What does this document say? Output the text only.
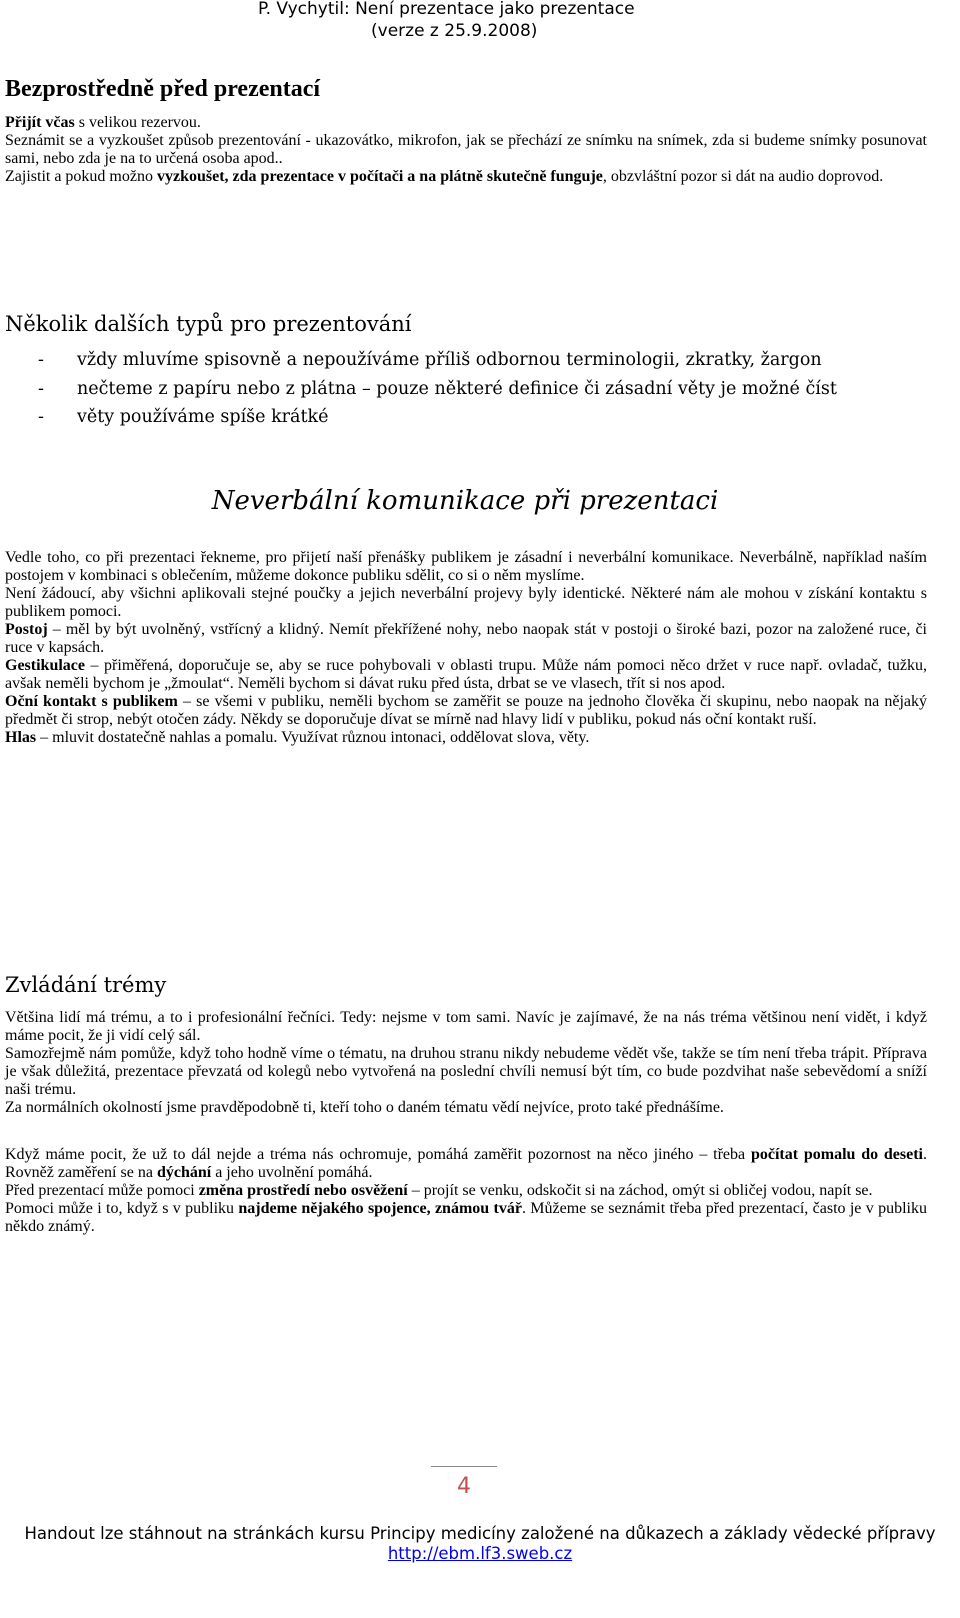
P. Vychytil: Není prezentace jako prezentace
(verze z 25.9.2008)
Bezprostředně před prezentací

Přijít včas s velikou rezervou.

Seznámit se a vyzkoušet způsob prezentování - ukazovátko, mikrofon, jak se přechází ze snímku na snímek, zda si budeme snímky posunovat sami, nebo zda je na to určená osoba apod..

Zajistit a pokud možno vyzkoušet, zda prezentace v počítači a na plátně skutečně funguje, obzvláštní pozor si dát na audio doprovod.

Několik dalších typů pro prezentování
- vždy mluvíme spisovně a nepoužíváme příliš odbornou terminologii, zkratky, žargon
- nečteme z papíru nebo z plátna – pouze některé definice či zásadní věty je možné číst
- věty používáme spíše krátké
Neverbální komunikace při prezentaci

Vedle toho, co při prezentaci řekneme, pro přijetí naší přenášky publikem je zásadní i neverbální komunikace. Neverbálně, například naším postojem v kombinaci s oblečením, můžeme dokonce publiku sdělit, co si o něm myslíme.

Není žádoucí, aby všichni aplikovali stejné poučky a jejich neverbální projevy byly identické. Některé nám ale mohou v získání kontaktu s publikem pomoci.

Postoj – měl by být uvolněný, vstřícný a klidný. Nemít překřížené nohy, nebo naopak stát v postoji o široké bazi, pozor na založené ruce, či ruce v kapsách.

Gestikulace – přiměřená, doporučuje se, aby se ruce pohybovali v oblasti trupu. Může nám pomoci něco držet v ruce např. ovladač, tužku, avšak neměli bychom je „žmoulat“. Neměli bychom si dávat ruku před ústa, drbat se ve vlasech, třít si nos apod.

Oční kontakt s publikem – se všemi v publiku, neměli bychom se zaměřit se pouze na jednoho člověka či skupinu, nebo naopak na nějaký předmět či strop, nebýt otočen zády. Někdy se doporučuje dívat se mírně nad hlavy lidí v publiku, pokud nás oční kontakt ruší.

Hlas – mluvit dostatečně nahlas a pomalu. Využívat různou intonaci, oddělovat slova, věty.

Zvládání trémy

Většina lidí má trému, a to i profesionální řečníci. Tedy: nejsme v tom sami. Navíc je zajímavé, že na nás tréma většinou není vidět, i když máme pocit, že ji vidí celý sál.

Samozřejmě nám pomůže, když toho hodně víme o tématu, na druhou stranu nikdy nebudeme vědět vše, takže se tím není třeba trápit. Příprava je však důležitá, prezentace převzatá od kolegů nebo vytvořená na poslední chvíli nemusí být tím, co bude pozdvihat naše sebevědomí a sníží naši trému.

Za normálních okolností jsme pravděpodobně ti, kteří toho o daném tématu vědí nejvíce, proto také přednášíme.

Když máme pocit, že už to dál nejde a tréma nás ochromuje, pomáhá zaměřit pozornost na něco jiného – třeba počítat pomalu do deseti. Rovněž zaměření se na dýchání a jeho uvolnění pomáhá.

Před prezentací může pomoci změna prostředí nebo osvěžení – projít se venku, odskočit si na záchod, omýt si obličej vodou, napít se.

Pomoci může i to, když s v publiku najdeme nějakého spojence, známou tvář. Můžeme se seznámit třeba před prezentací, často je v publiku někdo známý.

4
Handout lze stáhnout na stránkách kursu Principy medicíny založené na důkazech a základy vědecké přípravy
http://ebm.lf3.sweb.cz
